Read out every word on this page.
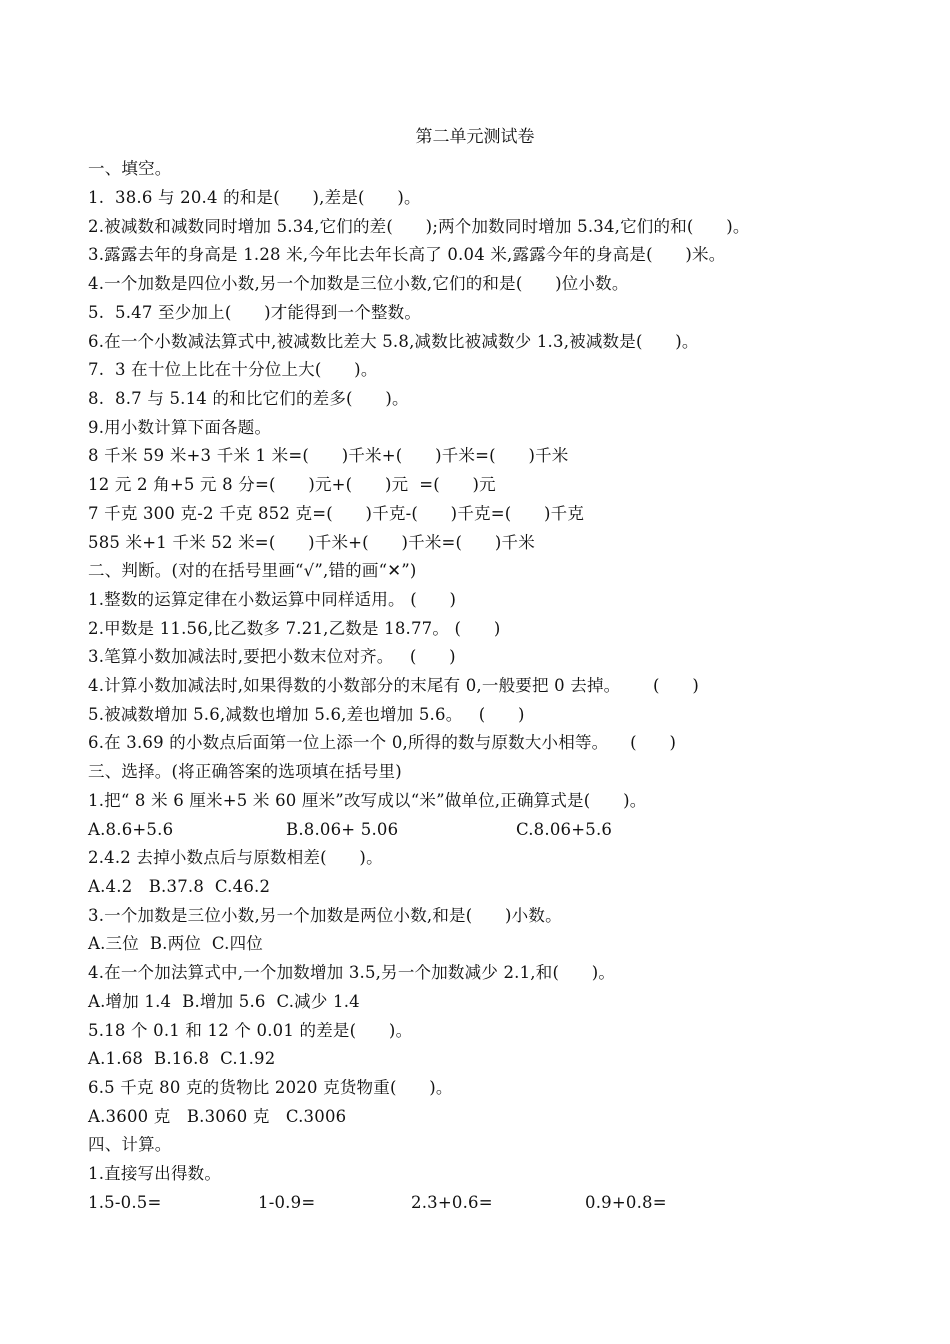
第二单元测试卷
一、填空。
1.  38.6 与 20.4 的和是(      ),差是(      )。
2.被减数和减数同时增加 5.34,它们的差(      );两个加数同时增加 5.34,它们的和(      )。
3.露露去年的身高是 1.28 米,今年比去年长高了 0.04 米,露露今年的身高是(      )米。
4.一个加数是四位小数,另一个加数是三位小数,它们的和是(      )位小数。
5.  5.47 至少加上(      )才能得到一个整数。
6.在一个小数减法算式中,被减数比差大 5.8,减数比被减数少 1.3,被减数是(      )。
7.  3 在十位上比在十分位上大(      )。
8.  8.7 与 5.14 的和比它们的差多(      )。
9.用小数计算下面各题。
8 千米 59 米+3 千米 1 米=(      )千米+(      )千米=(      )千米
12 元 2 角+5 元 8 分=(      )元+(      )元  =(      )元
7 千克 300 克-2 千克 852 克=(      )千克-(      )千克=(      )千克
585 米+1 千米 52 米=(      )千米+(      )千米=(      )千米
二、判断。(对的在括号里画“√”,错的画“✕”)
1.整数的运算定律在小数运算中同样适用。 (      )
2.甲数是 11.56,比乙数多 7.21,乙数是 18.77。 (      )
3.笔算小数加减法时,要把小数末位对齐。   (      )
4.计算小数加减法时,如果得数的小数部分的末尾有 0,一般要把 0 去掉。      (      )
5.被减数增加 5.6,减数也增加 5.6,差也增加 5.6。   (      )
6.在 3.69 的小数点后面第一位上添一个 0,所得的数与原数大小相等。    (      )
三、选择。(将正确答案的选项填在括号里)
1.把“ 8 米 6 厘米+5 米 60 厘米”改写成以“米”做单位,正确算式是(      )。

A.8.6+5.6

	B.8.06+ 5.06

	C.8.06+5.6

2.4.2 去掉小数点后与原数相差(      )。
A.4.2   B.37.8  C.46.2
3.一个加数是三位小数,另一个加数是两位小数,和是(      )小数。
A.三位  B.两位  C.四位
4.在一个加法算式中,一个加数增加 3.5,另一个加数减少 2.1,和(      )。
A.增加 1.4  B.增加 5.6  C.减少 1.4
5.18 个 0.1 和 12 个 0.01 的差是(      )。
A.1.68  B.16.8  C.1.92
6.5 千克 80 克的货物比 2020 克货物重(      )。
A.3600 克   B.3060 克   C.3006
四、计算。
1.直接写出得数。

1.5-0.5=

	1-0.9=

	2.3+0.6=

	0.9+0.8=
